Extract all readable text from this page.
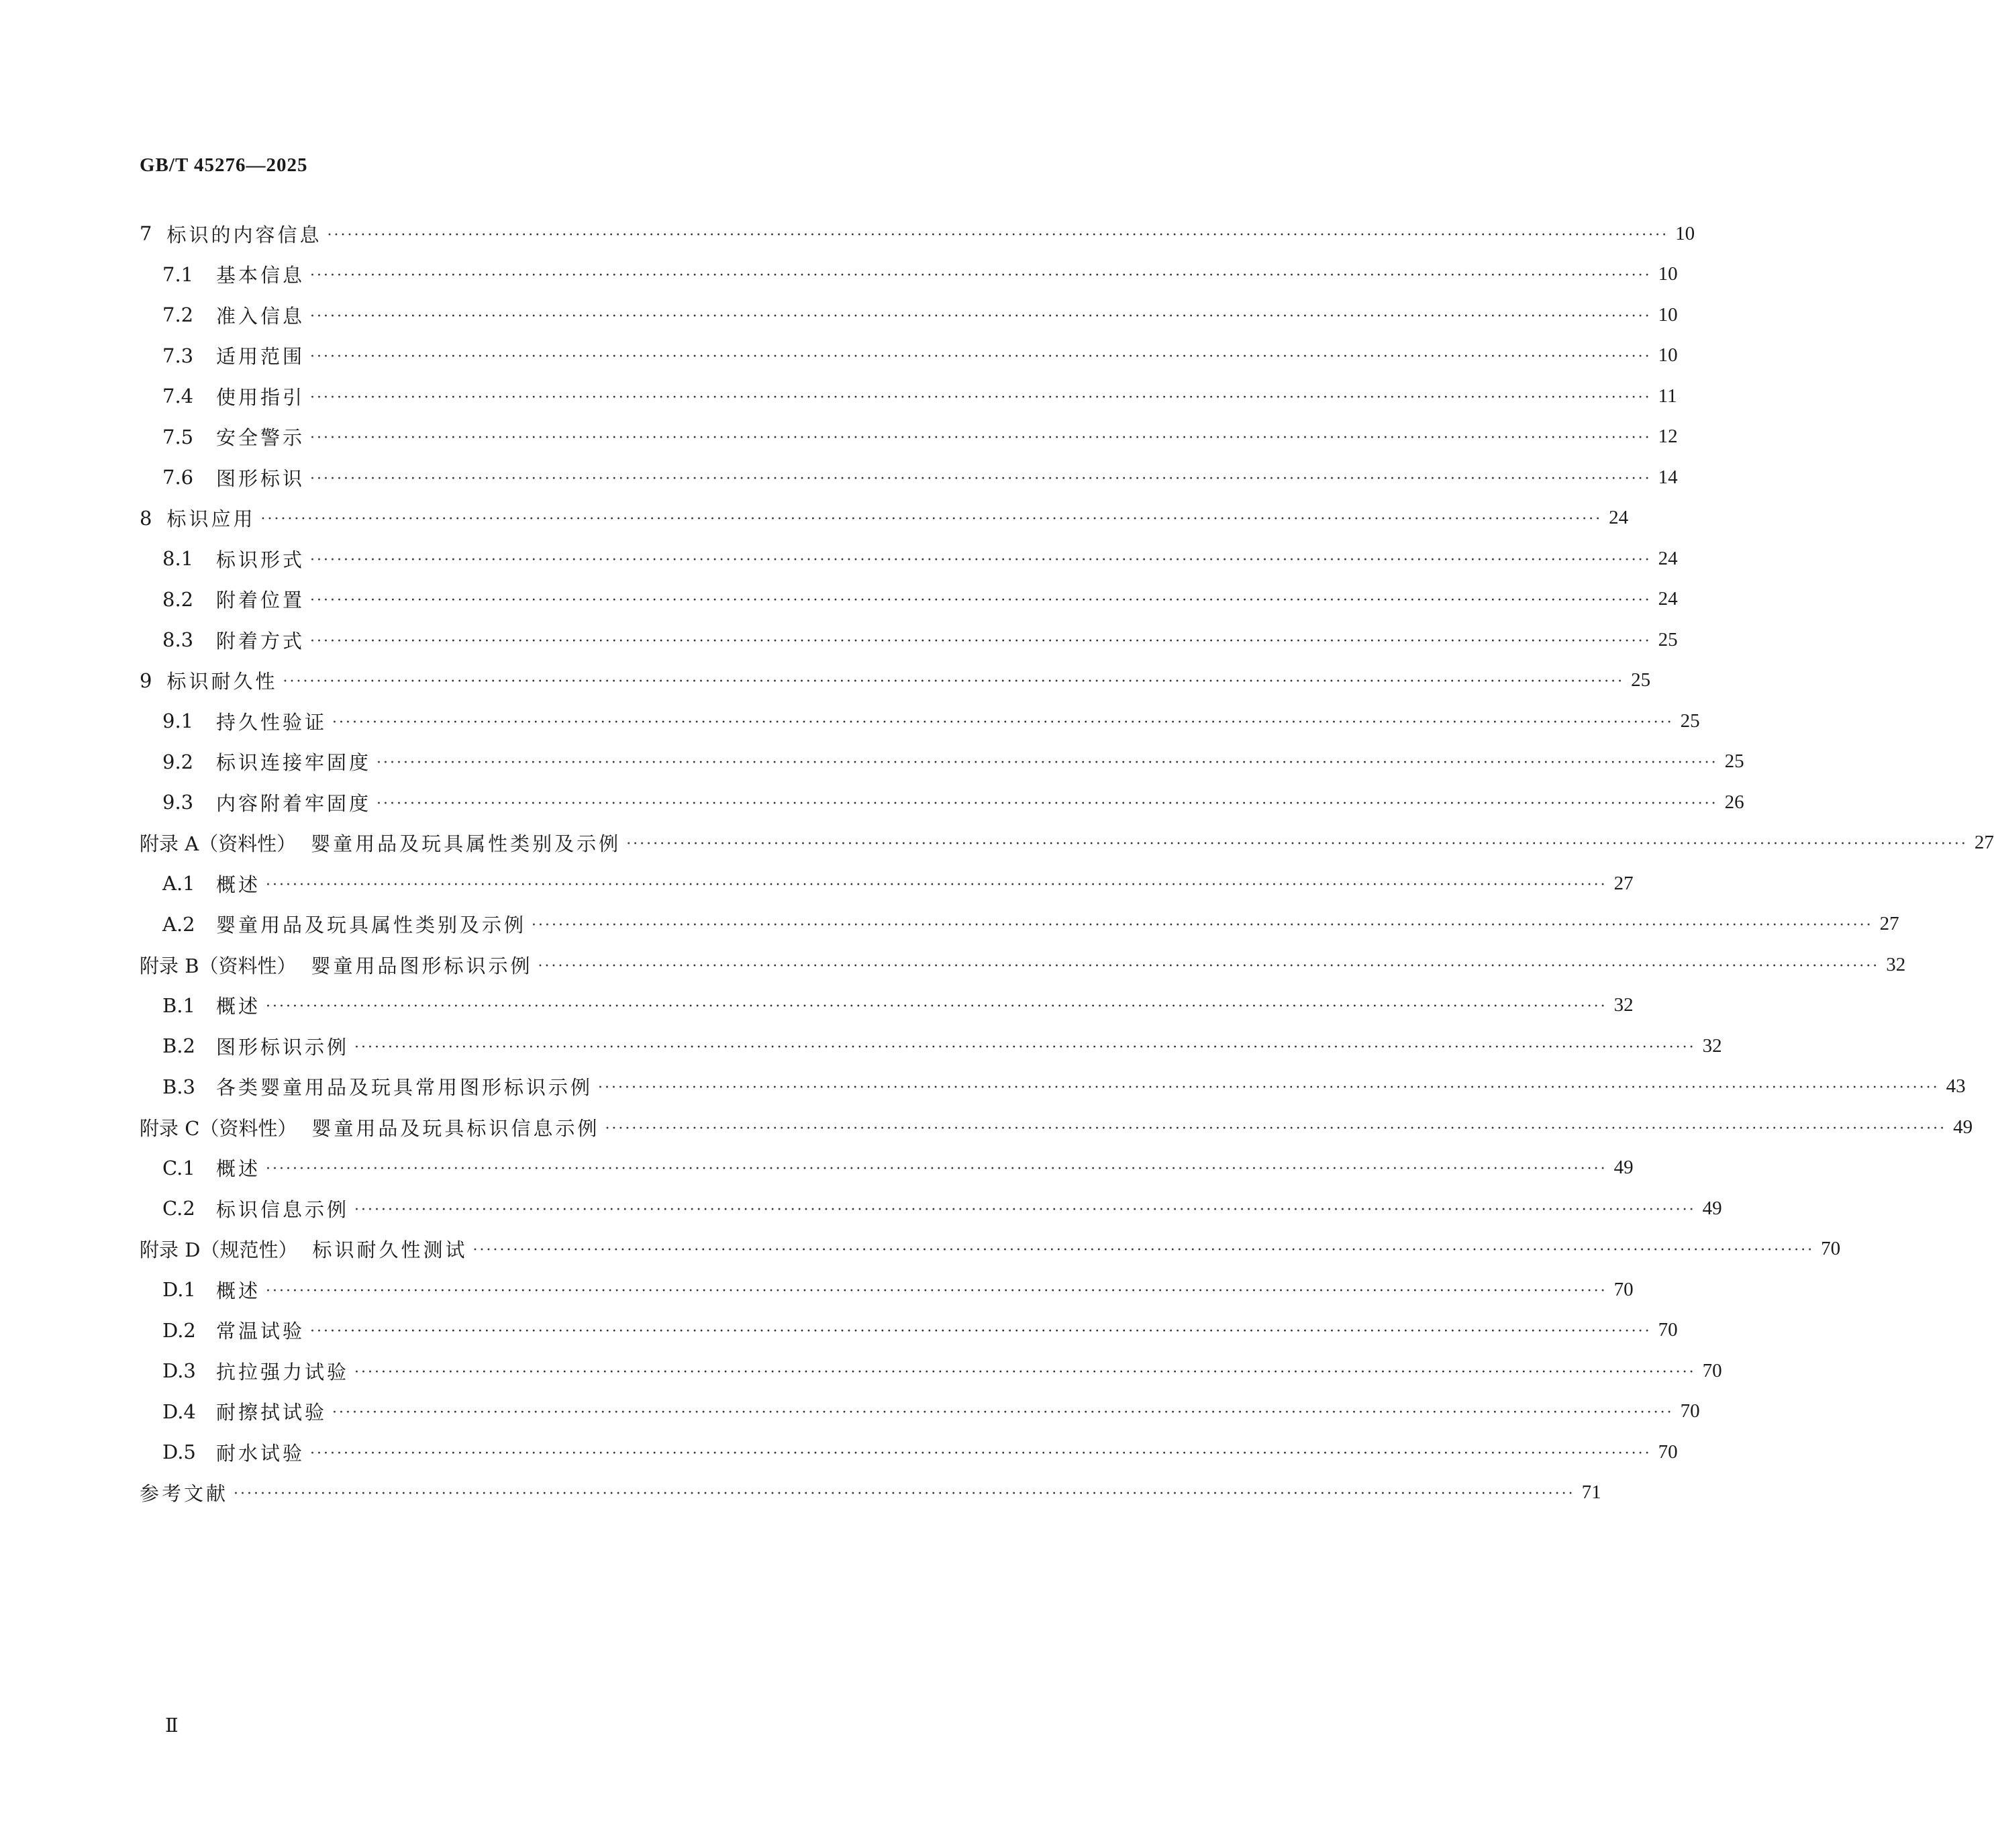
GB/T 45276—2025
7 标识的内容信息 ········································································································································································································ 10
7.1	基本信息 ········································································································································································································ 10
7.2	准入信息 ········································································································································································································ 10
7.3	适用范围 ········································································································································································································ 10
7.4	使用指引 ········································································································································································································ 11
7.5	安全警示 ········································································································································································································ 12
7.6	图形标识 ········································································································································································································ 14
8 标识应用 ········································································································································································································ 24
8.1	标识形式 ········································································································································································································ 24
8.2	附着位置 ········································································································································································································ 24
8.3	附着方式 ········································································································································································································ 25
9 标识耐久性 ········································································································································································································ 25
9.1	持久性验证 ········································································································································································································ 25
9.2	标识连接牢固度 ········································································································································································································ 25
9.3	内容附着牢固度 ········································································································································································································ 26
附录 A（资料性） 婴童用品及玩具属性类别及示例 ········································································································································································································ 27
A.1	概述 ········································································································································································································ 27
A.2	婴童用品及玩具属性类别及示例 ········································································································································································································ 27
附录 B（资料性） 婴童用品图形标识示例 ········································································································································································································ 32
B.1	概述 ········································································································································································································ 32
B.2	图形标识示例 ········································································································································································································ 32
B.3	各类婴童用品及玩具常用图形标识示例 ········································································································································································································ 43
附录 C（资料性） 婴童用品及玩具标识信息示例 ········································································································································································································ 49
C.1	概述 ········································································································································································································ 49
C.2	标识信息示例 ········································································································································································································ 49
附录 D（规范性） 标识耐久性测试 ········································································································································································································ 70
D.1 概述 ········································································································································································································ 70
D.2 常温试验 ········································································································································································································ 70
D.3 抗拉强力试验 ········································································································································································································ 70
D.4 耐擦拭试验 ········································································································································································································ 70
D.5 耐水试验 ········································································································································································································ 70
参考文献 ········································································································································································································ 71
Ⅱ
